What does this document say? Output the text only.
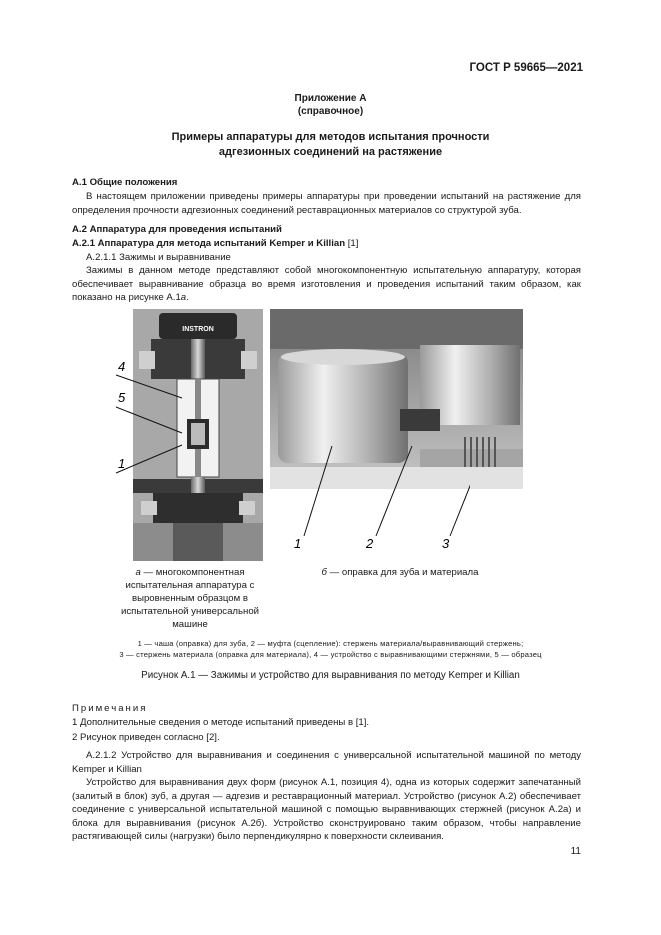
ГОСТ Р 59665—2021
Приложение А
(справочное)
Примеры аппаратуры для методов испытания прочности
адгезионных соединений на растяжение
А.1 Общие положения
В настоящем приложении приведены примеры аппаратуры при проведении испытаний на растяжение для определения прочности адгезионных соединений реставрационных материалов со структурой зуба.
А.2 Аппаратура для проведения испытаний
А.2.1 Аппаратура для метода испытаний Kemper и Killian [1]
А.2.1.1 Зажимы и выравнивание
Зажимы в данном методе представляют собой многокомпонентную испытательную аппаратуру, которая обеспечивает выравнивание образца во время изготовления и проведения испытаний таким образом, как показано на рисунке А.1а.
INSTRON
4
5
1
1	2	3
а — многокомпонентная испытательная аппаратура с выровненным образцом в испытательной универсальной машине
б — оправка для зуба и материала
1 — чаша (оправка) для зуба, 2 — муфта (сцепление): стержень материала/выравнивающий стержень;
3 — стержень материала (оправка для материала), 4 — устройство с выравнивающими стержнями, 5 — образец
Рисунок А.1 — Зажимы и устройство для выравнивания по методу Kemper и Killian
Примечания
1 Дополнительные сведения о методе испытаний приведены в [1].
2 Рисунок приведен согласно [2].
А.2.1.2 Устройство для выравнивания и соединения с универсальной испытательной машиной по методу Kemper и Killian
Устройство для выравнивания двух форм (рисунок А.1, позиция 4), одна из которых содержит запечатанный (залитый в блок) зуб, а другая — адгезив и реставрационный материал. Устройство (рисунок А.2) обеспечивает соединение с универсальной испытательной машиной с помощью выравнивающих стержней (рисунок А.2а) и блока для выравнивания (рисунок А.2б). Устройство сконструировано таким образом, чтобы направление растягивающей силы (нагрузки) было перпендикулярно к поверхности склеивания.
11
